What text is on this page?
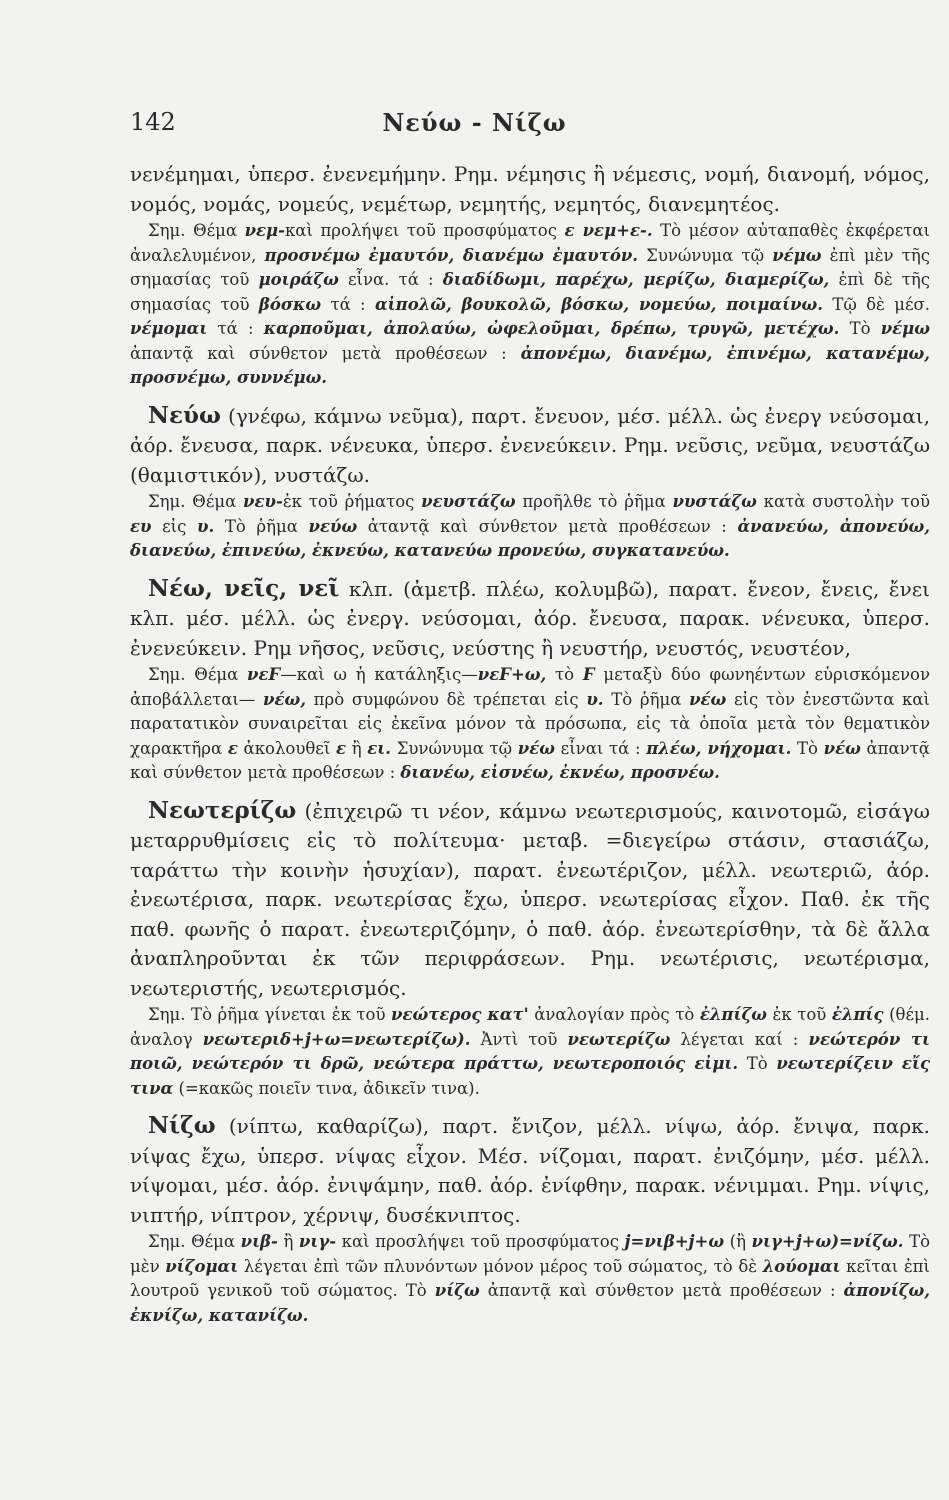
142	Νεύω - Νίζω

νενέμημαι, ὑπερσ. ἐνενεμήμην. Ρημ. νέμησις ἢ νέμεσις, νομή, διανομή, νόμος, νομός, νομάς, νομεύς, νεμέτωρ, νεμητής, νεμητός, διανεμητέος.

Σημ. Θέμα νεμ-καὶ προλήψει τοῦ προσφύματος ε νεμ+ε-. Τὸ μέσον αὐταπαθὲς ἐκφέρεται ἀναλελυμένον, προσνέμω ἐμαυτόν, διανέμω ἐμαυτόν. Συνώνυμα τῷ νέμω ἐπὶ μὲν τῆς σημασίας τοῦ μοιράζω εἶνα. τά : διαδίδωμι, παρέχω, μερίζω, διαμερίζω, ἐπὶ δὲ τῆς σημασίας τοῦ βόσκω τά : αἰπολῶ, βουκολῶ, βόσκω, νομεύω, ποιμαίνω. Τῷ δὲ μέσ. νέμομαι τά : καρποῦμαι, ἀπολαύω, ὠφελοῦμαι, δρέπω, τρυγῶ, μετέχω. Τὸ νέμω ἀπαντᾷ καὶ σύνθετον μετὰ προθέσεων : ἀπονέμω, διανέμω, ἐπινέμω, κατανέμω, προσνέμω, συννέμω.

Νεύω (γνέφω, κάμνω νεῦμα), παρτ. ἔνευον, μέσ. μέλλ. ὡς ἐνεργ νεύσομαι, ἀόρ. ἔνευσα, παρκ. νένευκα, ὑπερσ. ἐνενεύκειν. Ρημ. νεῦσις, νεῦμα, νευστάζω (θαμιστικόν), νυστάζω.

Σημ. Θέμα νευ-ἐκ τοῦ ῥήματος νευστάζω προῆλθε τὸ ῥῆμα νυστάζω κατὰ συστολὴν τοῦ ευ εἰς υ. Τὸ ῥῆμα νεύω ἀταντᾷ καὶ σύνθετον μετὰ προθέσεων : ἀνανεύω, ἀπονεύω, διανεύω, ἐπινεύω, ἐκνεύω, κατανεύω προνεύω, συγκατανεύω.

Νέω, νεῖς, νεῖ κλπ. (ἀμετβ. πλέω, κολυμβῶ), παρατ. ἔνεον, ἔνεις, ἔνει κλπ. μέσ. μέλλ. ὡς ἐνεργ. νεύσομαι, ἀόρ. ἔνευσα, παρακ. νένευκα, ὑπερσ. ἐνενεύκειν. Ρημ νῆσος, νεῦσις, νεύστης ἢ νευστήρ, νευστός, νευστέον,

Σημ. Θέμα νεϜ—καὶ ω ἡ κατάληξις—νεϜ+ω, τὸ Ϝ μεταξὺ δύο φωνηέντων εὑρισκόμενον ἀποβάλλεται— νέω, πρὸ συμφώνου δὲ τρέπεται εἰς υ. Τὸ ῥῆμα νέω εἰς τὸν ἐνεστῶντα καὶ παρατατικὸν συναιρεῖται εἰς ἐκεῖνα μόνον τὰ πρόσωπα, εἰς τὰ ὁποῖα μετὰ τὸν θεματικὸν χαρακτῆρα ε ἀκολουθεῖ ε ἢ ει. Συνώνυμα τῷ νέω εἶναι τά : πλέω, νήχομαι. Τὸ νέω ἀπαντᾷ καὶ σύνθετον μετὰ προθέσεων : διανέω, εἰσνέω, ἐκνέω, προσνέω.

Νεωτερίζω (ἐπιχειρῶ τι νέον, κάμνω νεωτερισμούς, καινοτομῶ, εἰσάγω μεταρρυθμίσεις εἰς τὸ πολίτευμα· μεταβ. =διεγείρω στάσιν, στασιάζω, ταράττω τὴν κοινὴν ἡσυχίαν), παρατ. ἐνεωτέριζον, μέλλ. νεωτεριῶ, ἀόρ. ἐνεωτέρισα, παρκ. νεωτερίσας ἔχω, ὑπερσ. νεωτερίσας εἶχον. Παθ. ἐκ τῆς παθ. φωνῆς ὁ παρατ. ἐνεωτεριζόμην, ὁ παθ. ἀόρ. ἐνεωτερίσθην, τὰ δὲ ἄλλα ἀναπληροῦνται ἐκ τῶν περιφράσεων. Ρημ. νεωτέρισις, νεωτέρισμα, νεωτεριστής, νεωτερισμός.

Σημ. Τὸ ῥῆμα γίνεται ἐκ τοῦ νεώτερος κατ' ἀναλογίαν πρὸς τὸ ἐλπίζω ἐκ τοῦ ἐλπίς (θέμ. ἀναλογ νεωτεριδ+j+ω=νεωτερίζω). Ἀντὶ τοῦ νεωτερίζω λέγεται καί : νεώτερόν τι ποιῶ, νεώτερόν τι δρῶ, νεώτερα πράττω, νεωτεροποιός εἰμι. Τὸ νεωτερίζειν εἴς τινα (=κακῶς ποιεῖν τινα, ἀδικεῖν τινα).

Νίζω (νίπτω, καθαρίζω), παρτ. ἔνιζον, μέλλ. νίψω, ἀόρ. ἔνιψα, παρκ. νίψας ἔχω, ὑπερσ. νίψας εἶχον. Μέσ. νίζομαι, παρατ. ἐνιζόμην, μέσ. μέλλ. νίψομαι, μέσ. ἀόρ. ἐνιψάμην, παθ. ἀόρ. ἐνίφθην, παρακ. νένιμμαι. Ρημ. νίψις, νιπτήρ, νίπτρον, χέρνιψ, δυσέκνιπτος.

Σημ. Θέμα νιβ- ἢ νιγ- καὶ προσλήψει τοῦ προσφύματος j=νιβ+j+ω (ἢ νιγ+j+ω)=νίζω. Τὸ μὲν νίζομαι λέγεται ἐπὶ τῶν πλυνόντων μόνον μέρος τοῦ σώματος, τὸ δὲ λούομαι κεῖται ἐπὶ λουτροῦ γενικοῦ τοῦ σώματος. Τὸ νίζω ἀπαντᾷ καὶ σύνθετον μετὰ προθέσεων : ἀπονίζω, ἐκνίζω, κατανίζω.
